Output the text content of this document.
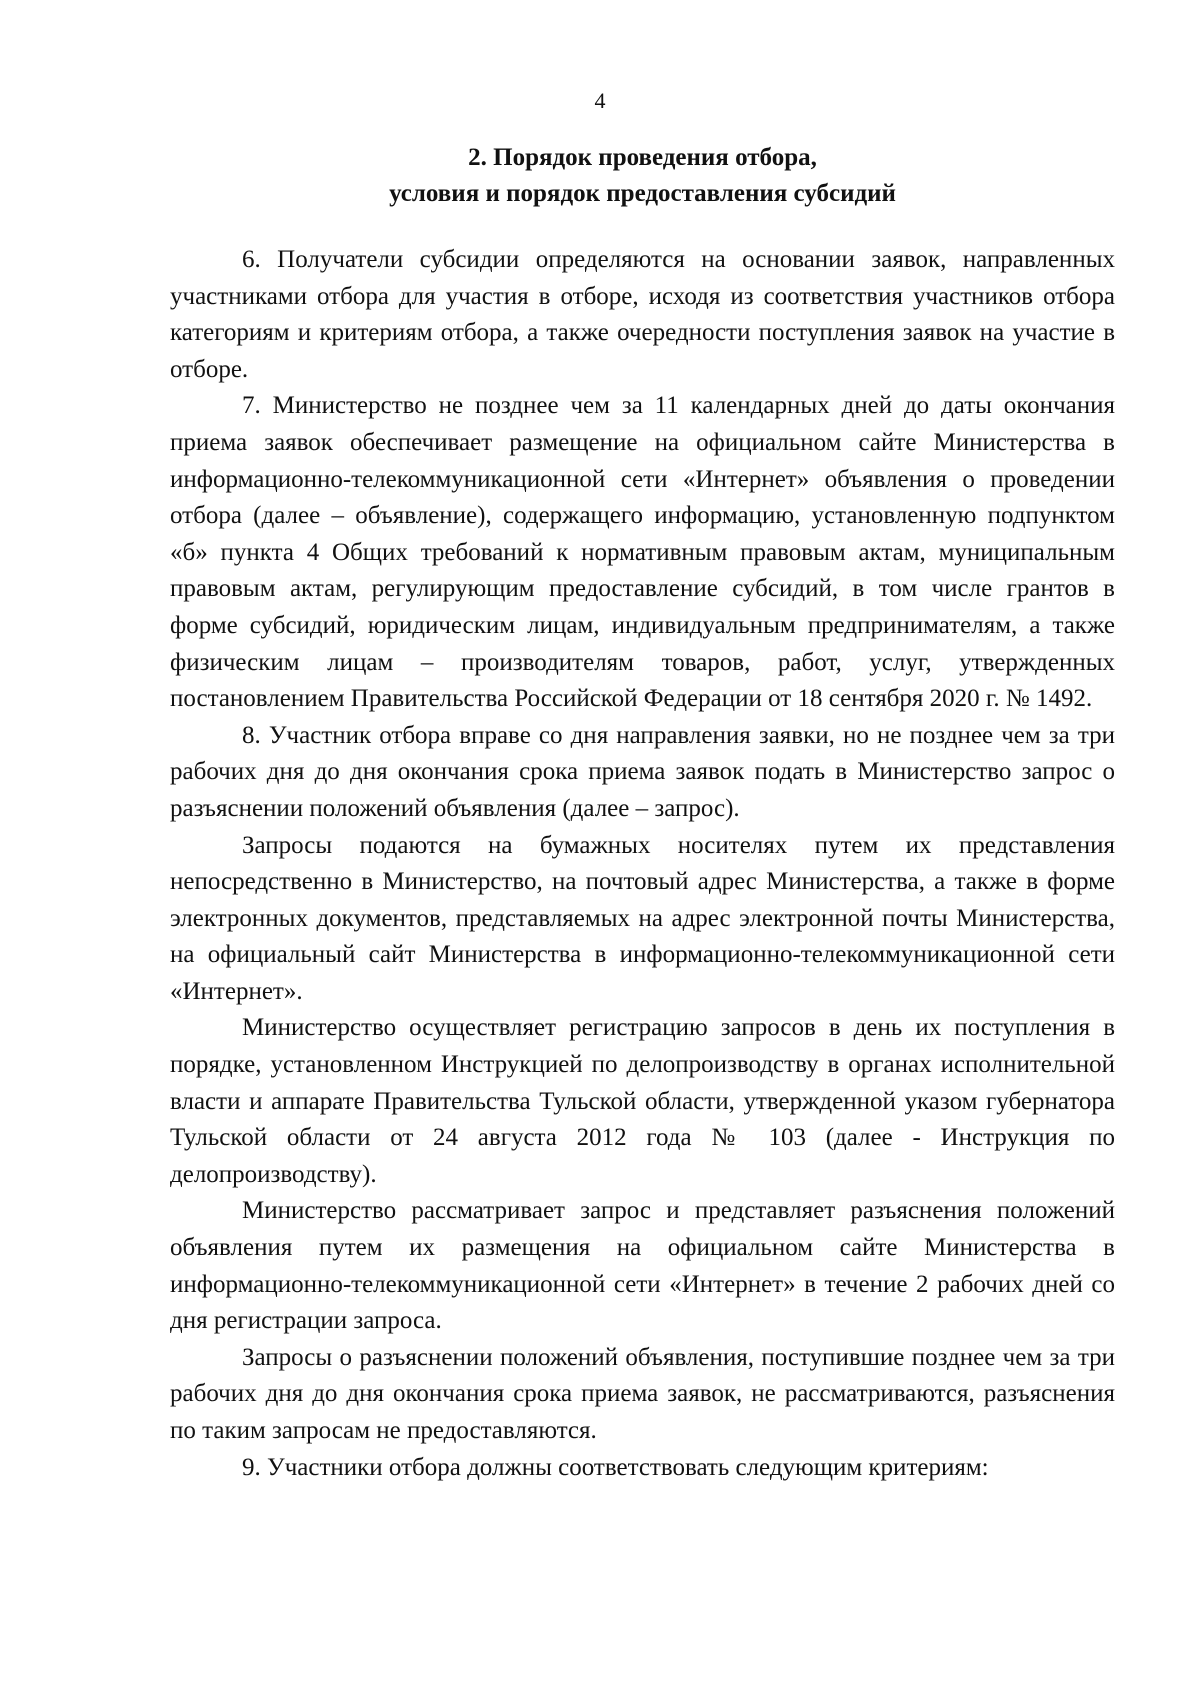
4
2. Порядок проведения отбора,
условия и порядок предоставления субсидий

6. Получатели субсидии определяются на основании заявок, направленных участниками отбора для участия в отборе, исходя из соответствия участников отбора категориям и критериям отбора, а также очередности поступления заявок на участие в отборе.

7. Министерство не позднее чем за 11 календарных дней до даты окончания приема заявок обеспечивает размещение на официальном сайте Министерства в информационно-телекоммуникационной сети «Интернет» объявления о проведении отбора (далее – объявление), содержащего информацию, установленную подпунктом «б» пункта 4 Общих требований к нормативным правовым актам, муниципальным правовым актам, регулирующим предоставление субсидий, в том числе грантов в форме субсидий, юридическим лицам, индивидуальным предпринимателям, а также физическим лицам – производителям товаров, работ, услуг, утвержденных постановлением Правительства Российской Федерации от 18 сентября 2020 г. № 1492.

8. Участник отбора вправе со дня направления заявки, но не позднее чем за три рабочих дня до дня окончания срока приема заявок подать в Министерство запрос о разъяснении положений объявления (далее – запрос).

Запросы подаются на бумажных носителях путем их представления непосредственно в Министерство, на почтовый адрес Министерства, а также в форме электронных документов, представляемых на адрес электронной почты Министерства, на официальный сайт Министерства в информационно-телекоммуникационной сети «Интернет».

Министерство осуществляет регистрацию запросов в день их поступления в порядке, установленном Инструкцией по делопроизводству в органах исполнительной власти и аппарате Правительства Тульской области, утвержденной указом губернатора Тульской области от 24 августа 2012 года № 103 (далее - Инструкция по делопроизводству).

Министерство рассматривает запрос и представляет разъяснения положений объявления путем их размещения на официальном сайте Министерства в информационно-телекоммуникационной сети «Интернет» в течение 2 рабочих дней со дня регистрации запроса.

Запросы о разъяснении положений объявления, поступившие позднее чем за три рабочих дня до дня окончания срока приема заявок, не рассматриваются, разъяснения по таким запросам не предоставляются.

9. Участники отбора должны соответствовать следующим критериям:
